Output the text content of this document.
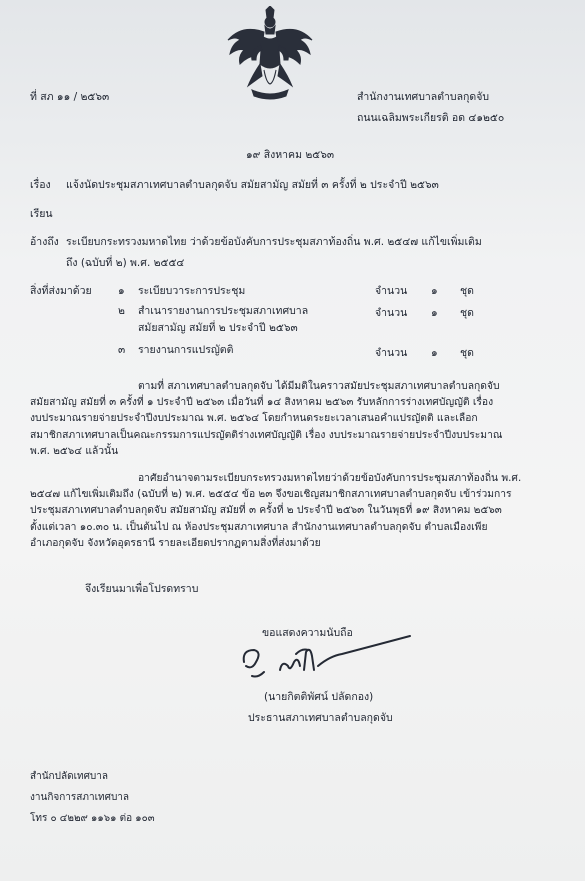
ที่ สภ ๑๑ / ๒๕๖๓	สำนักงานเทศบาลตำบลกุดจับ
ถนนเฉลิมพระเกียรติ อด ๔๑๒๕๐
๑๙ สิงหาคม ๒๕๖๓
เรื่อง แจ้งนัดประชุมสภาเทศบาลตำบลกุดจับ สมัยสามัญ สมัยที่ ๓ ครั้งที่ ๒ ประจำปี ๒๕๖๓
เรียน
อ้างถึง ระเบียบกระทรวงมหาดไทย ว่าด้วยข้อบังคับการประชุมสภาท้องถิ่น พ.ศ. ๒๕๔๗ แก้ไขเพิ่มเติม
ถึง (ฉบับที่ ๒) พ.ศ. ๒๕๕๔
สิ่งที่ส่งมาด้วย	๑ ระเบียบวาระการประชุม	จำนวน ๑ ชุด
๒ สำเนารายงานการประชุมสภาเทศบาล	จำนวน ๑ ชุด
สมัยสามัญ สมัยที่ ๒ ประจำปี ๒๕๖๓
๓ รายงานการแปรญัตติ	จำนวน ๑ ชุด
ตามที่ สภาเทศบาลตำบลกุดจับ ได้มีมติในคราวสมัยประชุมสภาเทศบาลตำบลกุดจับ
สมัยสามัญ สมัยที่ ๓ ครั้งที่ ๑ ประจำปี ๒๕๖๓ เมื่อวันที่ ๑๔ สิงหาคม ๒๕๖๓ รับหลักการร่างเทศบัญญัติ เรื่อง
งบประมาณรายจ่ายประจำปีงบประมาณ พ.ศ. ๒๕๖๔ โดยกำหนดระยะเวลาเสนอคำแปรญัตติ และเลือก
สมาชิกสภาเทศบาลเป็นคณะกรรมการแปรญัตติร่างเทศบัญญัติ เรื่อง งบประมาณรายจ่ายประจำปีงบประมาณ
พ.ศ. ๒๕๖๔ แล้วนั้น
อาศัยอำนาจตามระเบียบกระทรวงมหาดไทยว่าด้วยข้อบังคับการประชุมสภาท้องถิ่น พ.ศ.
๒๕๔๗ แก้ไขเพิ่มเติมถึง (ฉบับที่ ๒) พ.ศ. ๒๕๕๔ ข้อ ๒๓ จึงขอเชิญสมาชิกสภาเทศบาลตำบลกุดจับ เข้าร่วมการ
ประชุมสภาเทศบาลตำบลกุดจับ สมัยสามัญ สมัยที่ ๓ ครั้งที่ ๒ ประจำปี ๒๕๖๓ ในวันพุธที่ ๑๙ สิงหาคม ๒๕๖๓
ตั้งแต่เวลา ๑๐.๓๐ น. เป็นต้นไป ณ ห้องประชุมสภาเทศบาล สำนักงานเทศบาลตำบลกุดจับ ตำบลเมืองเพีย
อำเภอกุดจับ จังหวัดอุดรธานี รายละเอียดปรากฏตามสิ่งที่ส่งมาด้วย
จึงเรียนมาเพื่อโปรดทราบ
ขอแสดงความนับถือ
(นายกิตติพัศน์ ปลัดกอง)
ประธานสภาเทศบาลตำบลกุดจับ
สำนักปลัดเทศบาล
งานกิจการสภาเทศบาล
โทร ๐ ๔๒๒๙ ๑๑๖๑ ต่อ ๑๐๓
